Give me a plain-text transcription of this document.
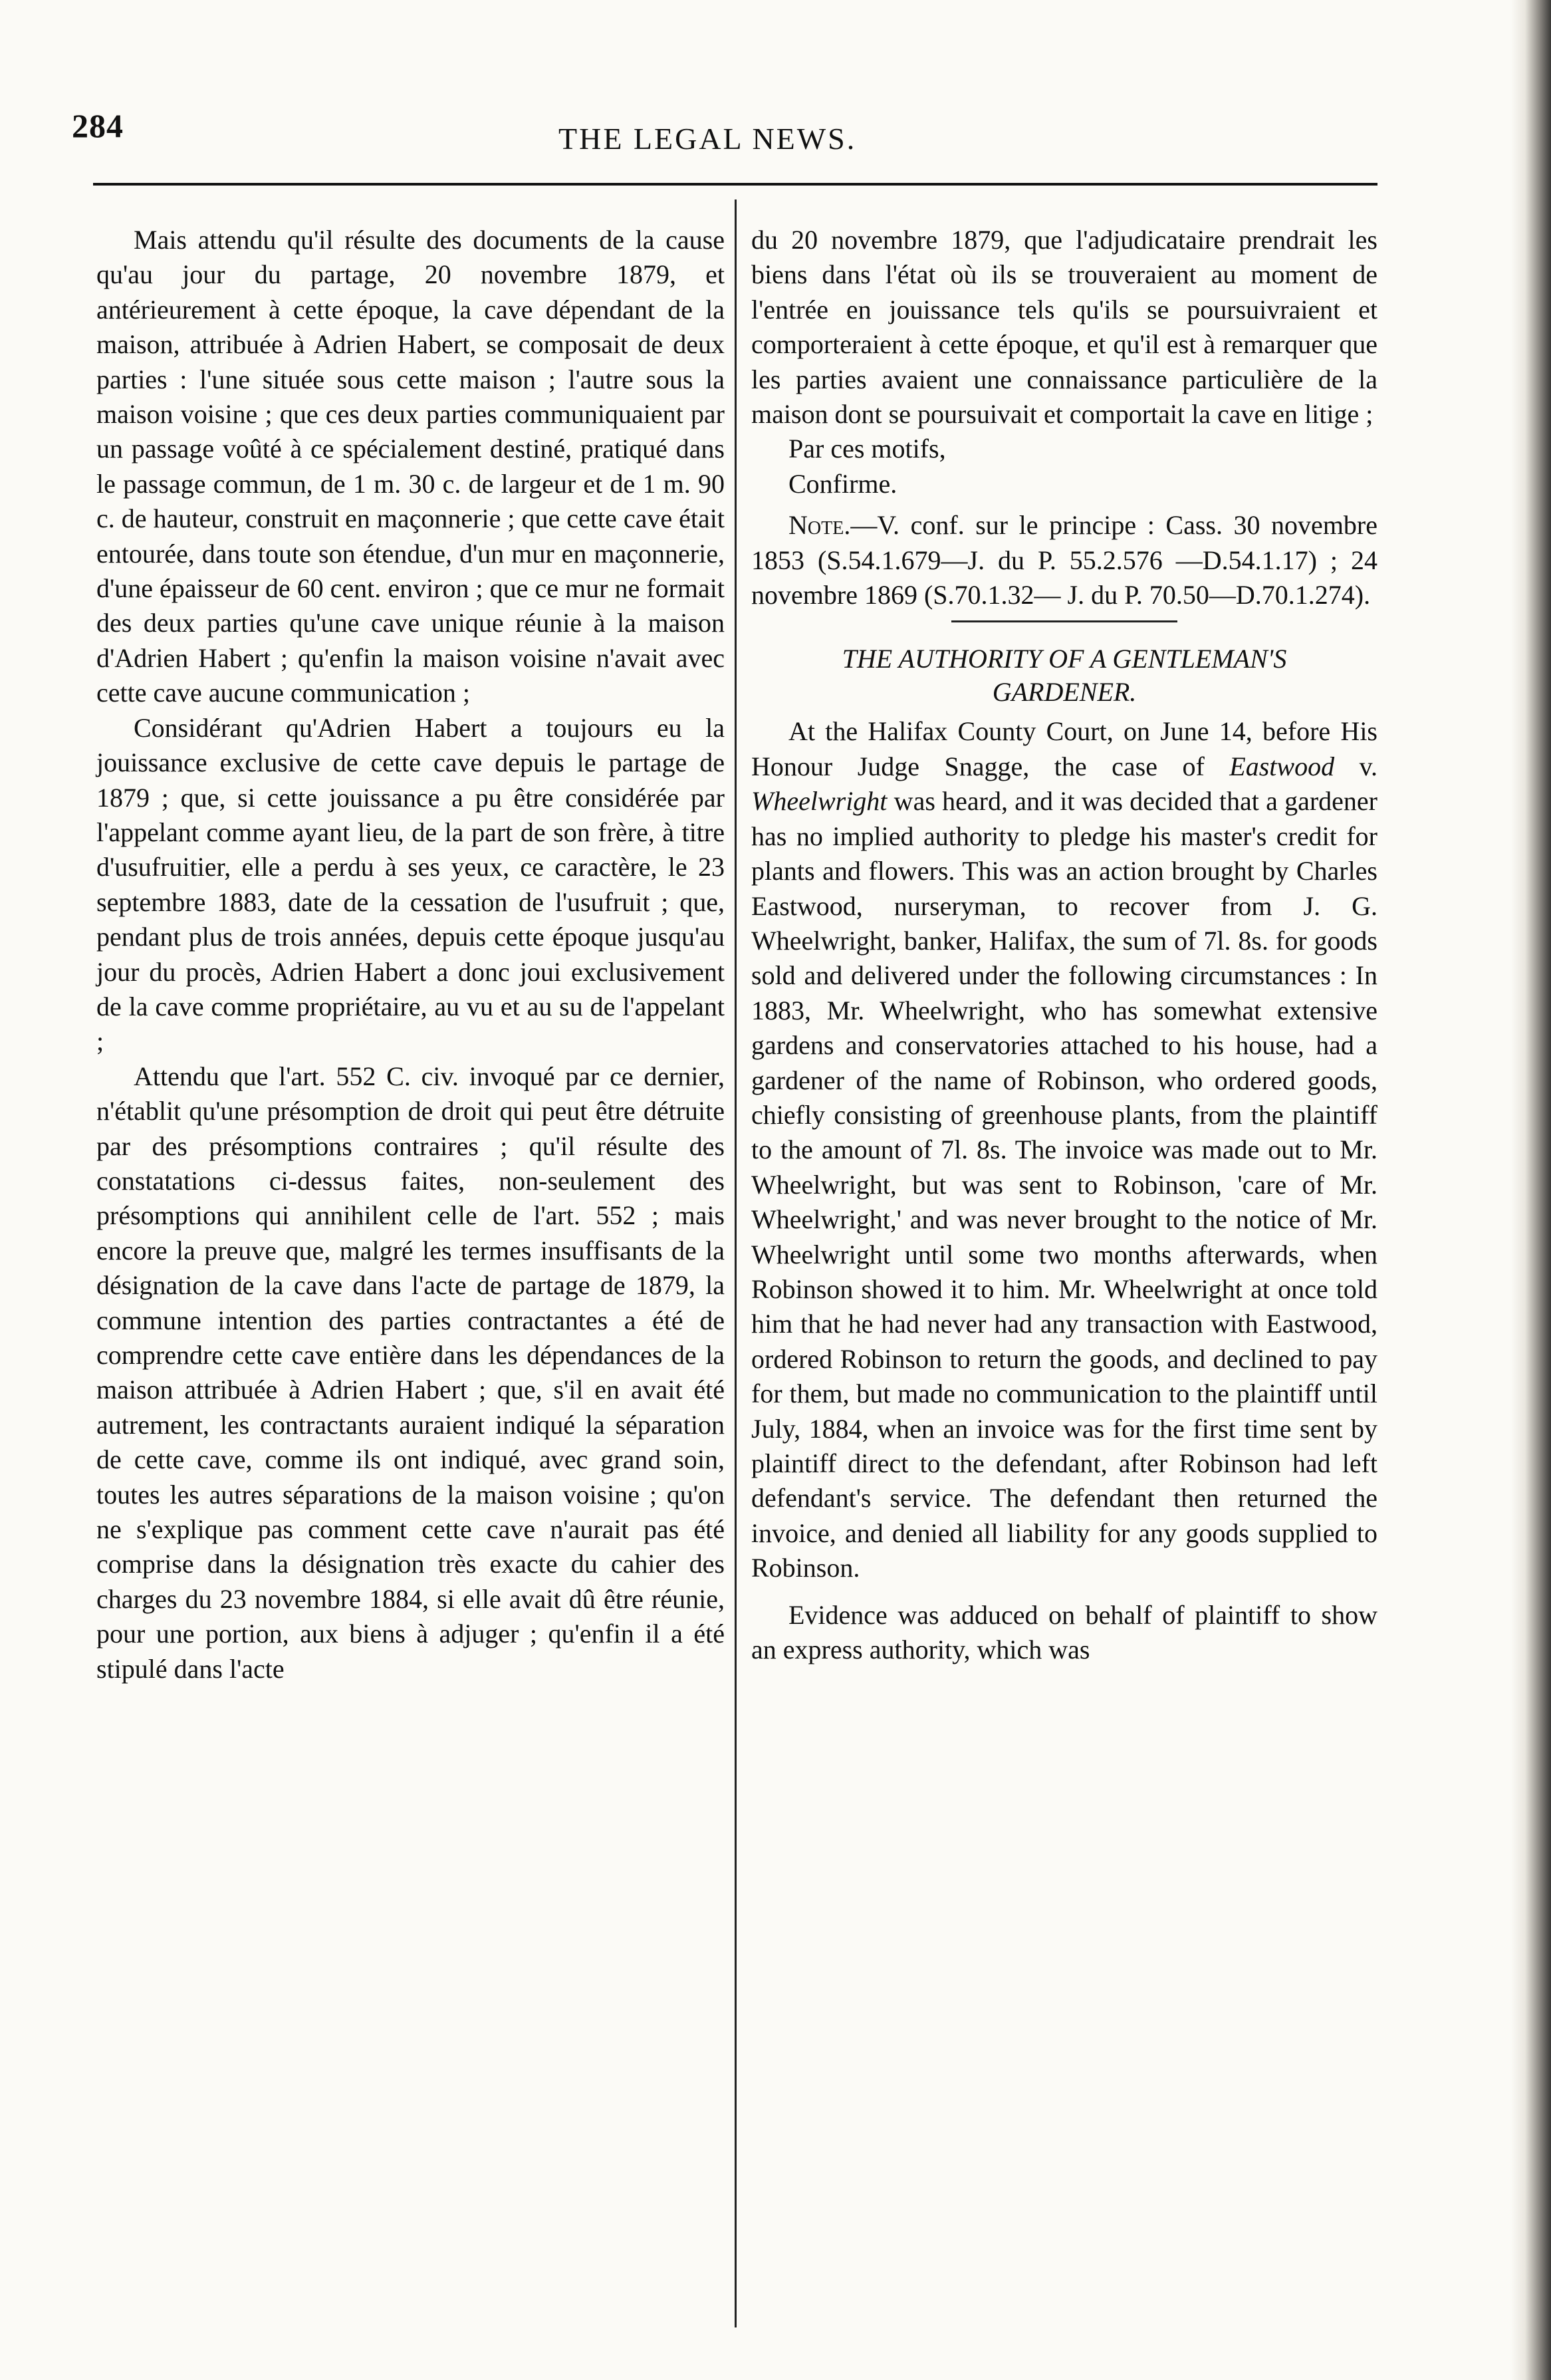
284	THE LEGAL NEWS.

Mais attendu qu'il résulte des documents de la cause qu'au jour du partage, 20 novembre 1879, et antérieurement à cette époque, la cave dépendant de la maison, attribuée à Adrien Habert, se composait de deux parties : l'une située sous cette maison ; l'autre sous la maison voisine ; que ces deux parties communiquaient par un passage voûté à ce spécialement destiné, pratiqué dans le passage commun, de 1 m. 30 c. de largeur et de 1 m. 90 c. de hauteur, construit en maçonnerie ; que cette cave était entourée, dans toute son étendue, d'un mur en maçonnerie, d'une épaisseur de 60 cent. environ ; que ce mur ne formait des deux parties qu'une cave unique réunie à la maison d'Adrien Habert ; qu'enfin la maison voisine n'avait avec cette cave aucune communication ;

Considérant qu'Adrien Habert a toujours eu la jouissance exclusive de cette cave depuis le partage de 1879 ; que, si cette jouissance a pu être considérée par l'appelant comme ayant lieu, de la part de son frère, à titre d'usufruitier, elle a perdu à ses yeux, ce caractère, le 23 septembre 1883, date de la cessation de l'usufruit ; que, pendant plus de trois années, depuis cette époque jusqu'au jour du procès, Adrien Habert a donc joui exclusivement de la cave comme propriétaire, au vu et au su de l'appelant ;

Attendu que l'art. 552 C. civ. invoqué par ce dernier, n'établit qu'une présomption de droit qui peut être détruite par des présomptions contraires ; qu'il résulte des constatations ci-dessus faites, non-seulement des présomptions qui annihilent celle de l'art. 552 ; mais encore la preuve que, malgré les termes insuffisants de la désignation de la cave dans l'acte de partage de 1879, la commune intention des parties contractantes a été de comprendre cette cave entière dans les dépendances de la maison attribuée à Adrien Habert ; que, s'il en avait été autrement, les contractants auraient indiqué la séparation de cette cave, comme ils ont indiqué, avec grand soin, toutes les autres séparations de la maison voisine ; qu'on ne s'explique pas comment cette cave n'aurait pas été comprise dans la désignation très exacte du cahier des charges du 23 novembre 1884, si elle avait dû être réunie, pour une portion, aux biens à adjuger ; qu'enfin il a été stipulé dans l'acte

du 20 novembre 1879, que l'adjudicataire prendrait les biens dans l'état où ils se trouveraient au moment de l'entrée en jouissance tels qu'ils se poursuivraient et comporteraient à cette époque, et qu'il est à remarquer que les parties avaient une connaissance particulière de la maison dont se poursuivait et comportait la cave en litige ;

Par ces motifs,

Confirme.

Note.—V. conf. sur le principe : Cass. 30 novembre 1853 (S.54.1.679—J. du P. 55.2.576 —D.54.1.17) ; 24 novembre 1869 (S.70.1.32— J. du P. 70.50—D.70.1.274).

THE AUTHORITY OF A GENTLEMAN'S
GARDENER.

At the Halifax County Court, on June 14, before His Honour Judge Snagge, the case of Eastwood v. Wheelwright was heard, and it was decided that a gardener has no implied authority to pledge his master's credit for plants and flowers. This was an action brought by Charles Eastwood, nurseryman, to recover from J. G. Wheelwright, banker, Halifax, the sum of 7l. 8s. for goods sold and delivered under the following circumstances : In 1883, Mr. Wheelwright, who has somewhat extensive gardens and conservatories attached to his house, had a gardener of the name of Robinson, who ordered goods, chiefly consisting of greenhouse plants, from the plaintiff to the amount of 7l. 8s. The invoice was made out to Mr. Wheelwright, but was sent to Robinson, 'care of Mr. Wheelwright,' and was never brought to the notice of Mr. Wheelwright until some two months afterwards, when Robinson showed it to him. Mr. Wheelwright at once told him that he had never had any transaction with Eastwood, ordered Robinson to return the goods, and declined to pay for them, but made no communication to the plaintiff until July, 1884, when an invoice was for the first time sent by plaintiff direct to the defendant, after Robinson had left defendant's service. The defendant then returned the invoice, and denied all liability for any goods supplied to Robinson.

Evidence was adduced on behalf of plaintiff to show an express authority, which was
